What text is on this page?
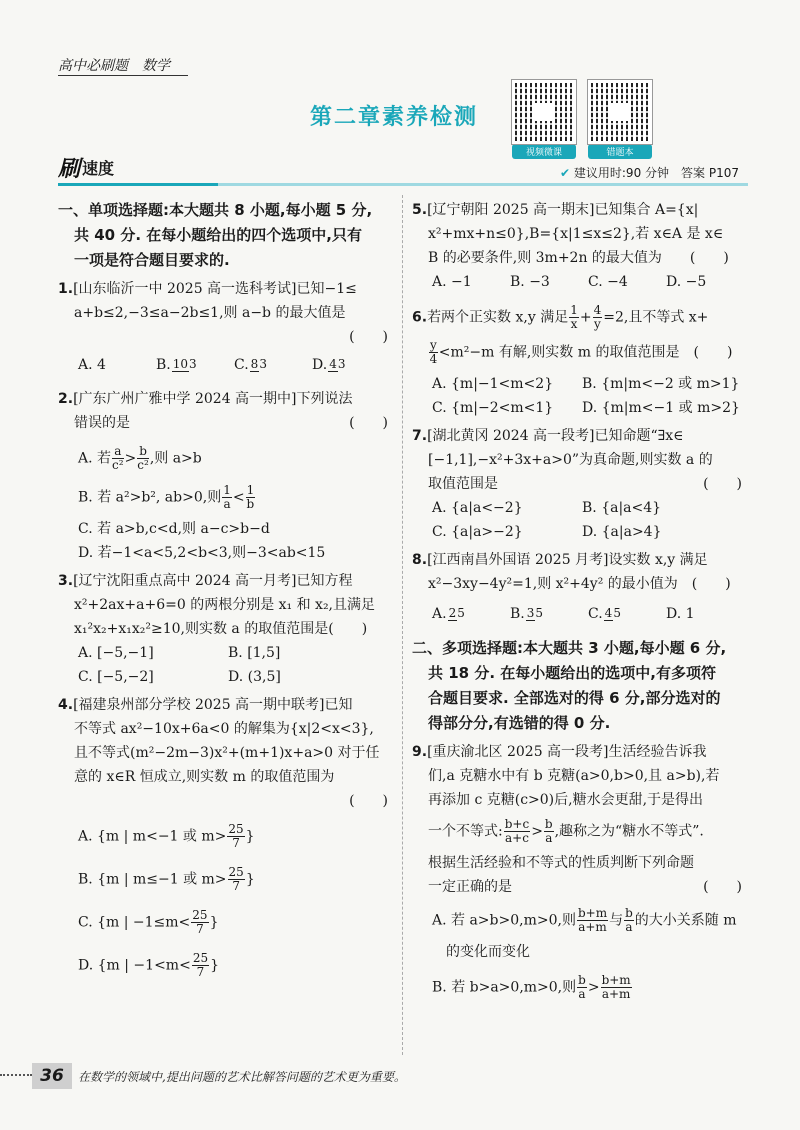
高中必刷题　数学
第二章素养检测
视频微课	错题本
刷 速度	✔ 建议用时:90 分钟　答案 P107
一、单项选择题:本大题共 8 小题,每小题 5 分,
共 40 分. 在每小题给出的四个选项中,只有
一项是符合题目要求的.
1.[山东临沂一中 2025 高一选科考试]已知−1≤
a+b≤2,−3≤a−2b≤1,则 a−b 的最大值是
(　　)
A. 4	B. 103	C. 83	D. 43
2.[广东广州广雅中学 2024 高一期中]下列说法
错误的是	(　　)
A. 若 $\frac{a}{\text{c²}} > \frac{b}{\text{c²}}$ ,则 a>b
B. 若 a²>b², ab>0,则 $\frac{1}{a} < \frac{1}{b}$
C. 若 a>b,c<d,则 a−c>b−d
D. 若−1<a<5,2<b<3,则−3<ab<15
3.[辽宁沈阳重点高中 2024 高一月考]已知方程
x²+2ax+a+6=0 的两根分别是 x₁ 和 x₂,且满足
x₁²x₂+x₁x₂²≥10,则实数 a 的取值范围是(　　)
A. [−5,−1]	B. [1,5]
C. [−5,−2]	D. (3,5]
4.[福建泉州部分学校 2025 高一期中联考]已知
不等式 ax²−10x+6a<0 的解集为{x|2<x<3},
且不等式(m²−2m−3)x²+(m+1)x+a>0 对于任
意的 x∈R 恒成立,则实数 m 的取值范围为
(　　)
A. {m | m<−1 或 $m> \frac{25}{7}$ }
B. {m | m≤−1 或 $m> \frac{25}{7}$ }
C. {m | $-1\le m< \frac{25}{7}$ }
D. {m | $-1<m< \frac{25}{7}$ }
5.[辽宁朝阳 2025 高一期末]已知集合 A={x|
x²+mx+n≤0},B={x|1≤x≤2},若 x∈A 是 x∈
B 的必要条件,则 3m+2n 的最大值为　　(　　)
A. −1	B. −3	C. −4	D. −5
6.若两个正实数 x,y 满足 $\frac{1}{x} + \frac{4}{y} =2$,且不等式 x+
$\frac{y}{4} <m^2-m$ 有解,则实数 m 的取值范围是　(　　)
A. {m|−1<m<2}	B. {m|m<−2 或 m>1}
C. {m|−2<m<1}	D. {m|m<−1 或 m>2}
7.[湖北黄冈 2024 高一段考]已知命题“∃x∈
[−1,1],−x²+3x+a>0”为真命题,则实数 a 的
取值范围是	(　　)
A. {a|a<−2}	B. {a|a<4}
C. {a|a>−2}	D. {a|a>4}
8.[江西南昌外国语 2025 月考]设实数 x,y 满足
x²−3xy−4y²=1,则 x²+4y² 的最小值为　(　　)
A. 25	B. 35	C. 45	D. 1
二、多项选择题:本大题共 3 小题,每小题 6 分,
共 18 分. 在每小题给出的选项中,有多项符
合题目要求. 全部选对的得 6 分,部分选对的
得部分分,有选错的得 0 分.
9.[重庆渝北区 2025 高一段考]生活经验告诉我
们,a 克糖水中有 b 克糖(a>0,b>0,且 a>b),若
再添加 c 克糖(c>0)后,糖水会更甜,于是得出
一个不等式: $\frac{b+c}{a+c} > \frac{b}{a}$ ,趣称之为“糖水不等式”.
根据生活经验和不等式的性质判断下列命题
一定正确的是	(　　)
A. 若 a>b>0,m>0,则 $\frac{b+m}{a+m}$ 与 $\frac{b}{a}$ 的大小关系随 m
的变化而变化
B. 若 b>a>0,m>0,则 $\frac{b}{a} > \frac{b+m}{a+m}$
36	在数学的领域中,提出问题的艺术比解答问题的艺术更为重要。
